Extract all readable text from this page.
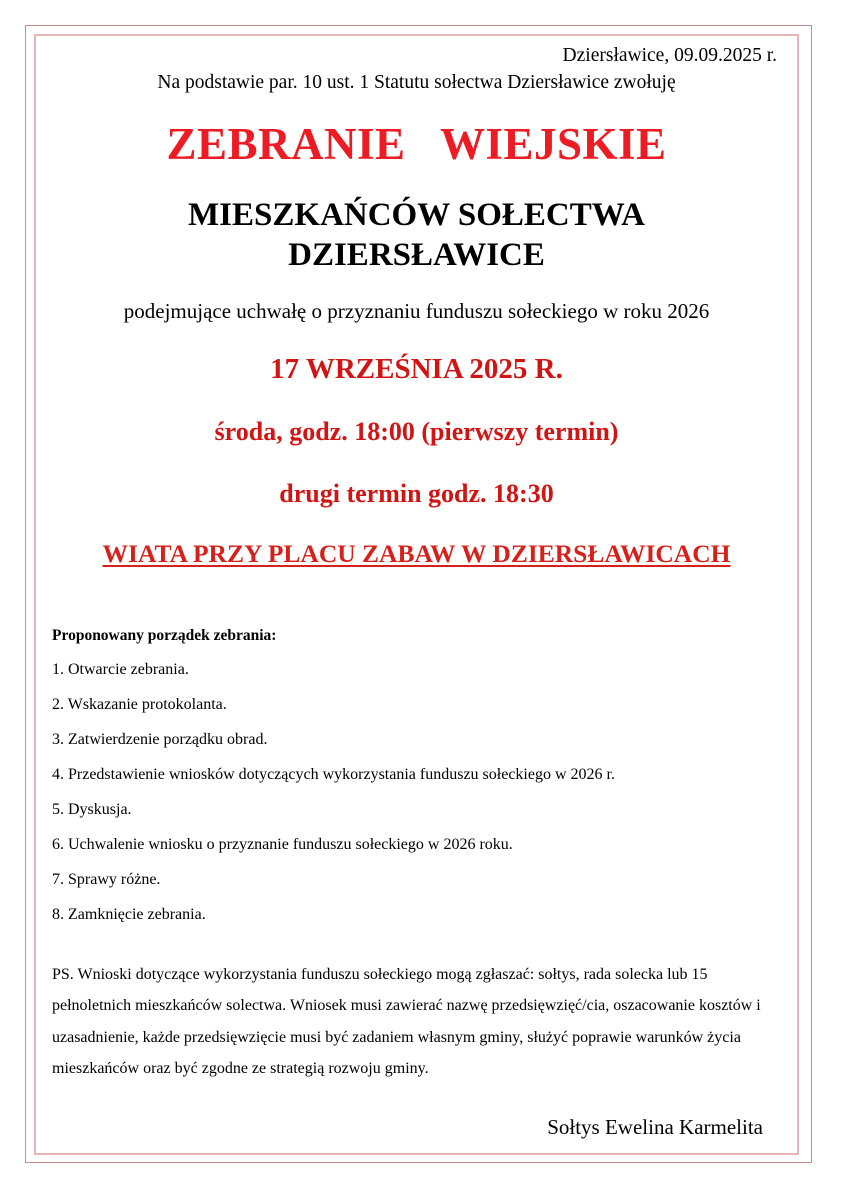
Dziersławice, 09.09.2025 r.
Na podstawie par. 10 ust. 1 Statutu sołectwa Dziersławice zwołuję
ZEBRANIE   WIEJSKIE
MIESZKAŃCÓW SOŁECTWA
DZIERSŁAWICE
podejmujące uchwałę o przyznaniu funduszu sołeckiego w roku 2026
17 WRZEŚNIA 2025 R.
środa, godz. 18:00 (pierwszy termin)
drugi termin godz. 18:30
WIATA PRZY PLACU ZABAW W DZIERSŁAWICACH
Proponowany porządek zebrania:
1. Otwarcie zebrania.
2. Wskazanie protokolanta.
3. Zatwierdzenie porządku obrad.
4. Przedstawienie wniosków dotyczących wykorzystania funduszu sołeckiego w 2026 r.
5. Dyskusja.
6. Uchwalenie wniosku o przyznanie funduszu sołeckiego w 2026 roku.
7. Sprawy różne.
8. Zamknięcie zebrania.
PS. Wnioski dotyczące wykorzystania funduszu sołeckiego mogą zgłaszać: sołtys, rada solecka lub 15 pełnoletnich mieszkańców solectwa. Wniosek musi zawierać nazwę przedsięwzięć/cia, oszacowanie kosztów i uzasadnienie, każde przedsięwzięcie musi być zadaniem własnym gminy, służyć poprawie warunków życia mieszkańców oraz być zgodne ze strategią rozwoju gminy.
Sołtys Ewelina Karmelita
